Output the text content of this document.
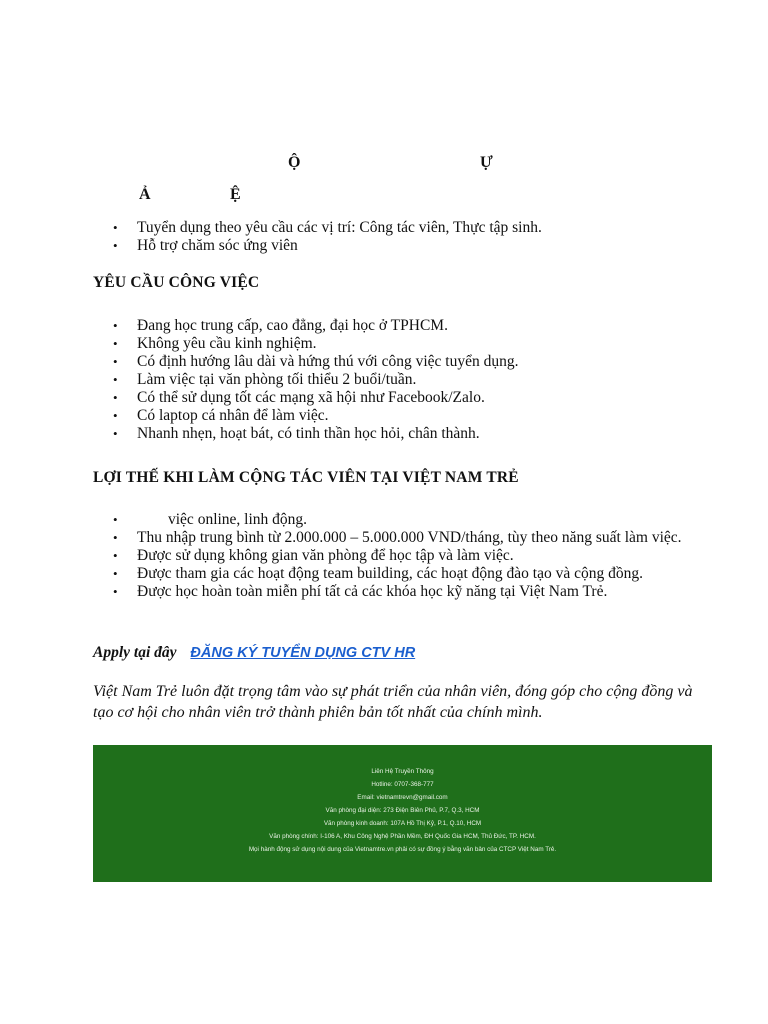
Ộ	Ự
Ả	Ệ
• Tuyển dụng theo yêu cầu các vị trí: Công tác viên, Thực tập sinh.
• Hỗ trợ chăm sóc ứng viên
YÊU CẦU CÔNG VIỆC
• Đang học trung cấp, cao đẳng, đại học ở TPHCM.
• Không yêu cầu kinh nghiệm.
• Có định hướng lâu dài và hứng thú với công việc tuyển dụng.
• Làm việc tại văn phòng tối thiểu 2 buổi/tuần.
• Có thể sử dụng tốt các mạng xã hội như Facebook/Zalo.
• Có laptop cá nhân để làm việc.
• Nhanh nhẹn, hoạt bát, có tinh thần học hỏi, chân thành.
LỢI THẾ KHI LÀM CỘNG TÁC VIÊN TẠI VIỆT NAM TRẺ
•         việc online, linh động.
• Thu nhập trung bình từ 2.000.000 – 5.000.000 VND/tháng, tùy theo năng suất làm việc.
• Được sử dụng không gian văn phòng để học tập và làm việc.
• Được tham gia các hoạt động team building, các hoạt động đào tạo và cộng đồng.
• Được học hoàn toàn miễn phí tất cả các khóa học kỹ năng tại Việt Nam Trẻ.
Apply tại đây ĐĂNG KÝ TUYỂN DỤNG CTV HR
Việt Nam Trẻ luôn đặt trọng tâm vào sự phát triển của nhân viên, đóng góp cho cộng đồng và tạo cơ hội cho nhân viên trở thành phiên bản tốt nhất của chính mình.
Liên Hệ Truyền Thông
Hotline: 0707-368-777
Email: vietnamtrevn@gmail.com
Văn phòng đại diện: 273 Điện Biên Phủ, P.7, Q.3, HCM
Văn phòng kinh doanh: 107A Hồ Thị Kỷ, P.1, Q.10, HCM
Văn phòng chính: I-106 A, Khu Công Nghệ Phần Mềm, ĐH Quốc Gia HCM, Thủ Đức, TP. HCM.
Mọi hành động sử dụng nội dung của Vietnamtre.vn phải có sự đồng ý bằng văn bản của CTCP Việt Nam Trẻ.
